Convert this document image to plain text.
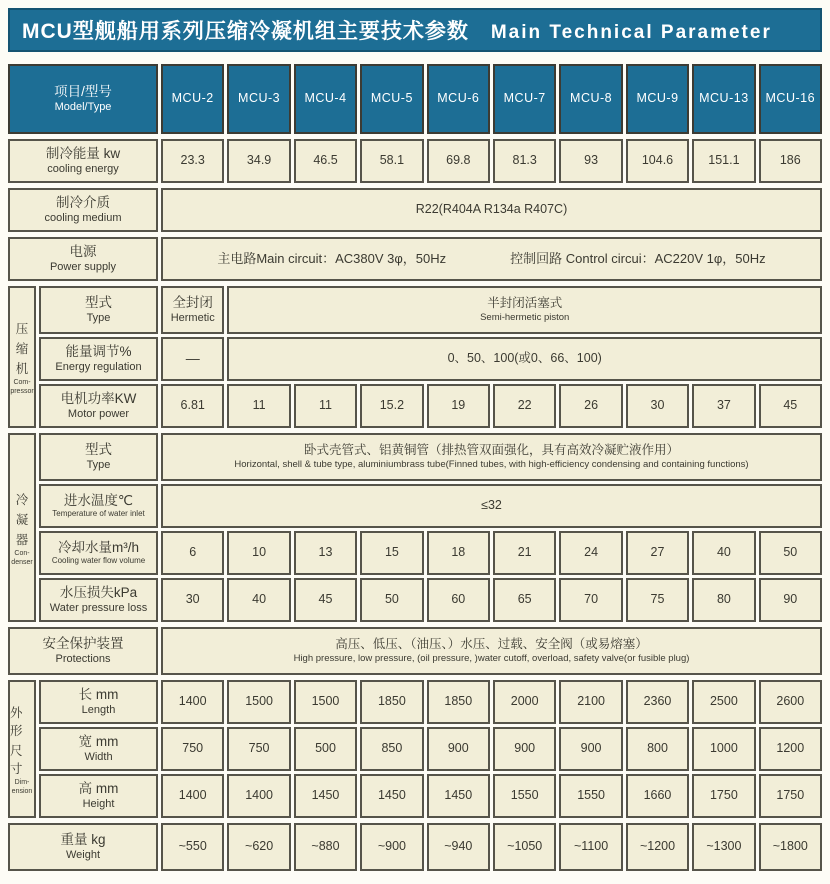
MCU型舰船用系列压缩冷凝机组主要技术参数 Main Technical Parameter
项目/型号
Model/Type
MCU-2	MCU-3	MCU-4	MCU-5	MCU-6	MCU-7	MCU-8	MCU-9	MCU-13	MCU-16
制冷能量 kw
cooling energy
23.3	34.9	46.5	58.1	69.8	81.3	93	104.6	151.1	186
制冷介质
cooling medium
R22(R404A R134a R407C)
电源
Power supply
主电路Main circuit：AC380V 3φ，50Hz	控制回路 Control circui：AC220V 1φ，50Hz
压
缩
机
Com-
pressor
型式
Type
全封闭
Hermetic
半封闭活塞式
Semi-hermetic piston
能量调节%
Energy regulation
—	0、50、100(或0、66、100)
电机功率KW
Motor power
6.81	11	11	15.2	19	22	26	30	37	45
冷
凝
器
Con-
denser
型式
Type
卧式壳管式、铝黄铜管（排热管双面强化，具有高效冷凝贮液作用）
Horizontal, shell & tube type, aluminiumbrass tube(Finned tubes, with high-efficiency condensing and containing functions)
进水温度℃
Temperature of water inlet
≤32
冷却水量m³/h
Cooling water flow volume
6	10	13	15	18	21	24	27	40	50
水压损失kPa
Water pressure loss
30	40	45	50	60	65	70	75	80	90
安全保护装置
Protections
高压、低压、（油压、）水压、过载、安全阀（或易熔塞）
High pressure, low pressure, (oil pressure, )water cutoff, overload, safety valve(or fusible plug)
外形
尺寸
Dim-
ension
长 mm
Length
1400	1500	1500	1850	1850	2000	2100	2360	2500	2600
宽 mm
Width
750	750	500	850	900	900	900	800	1000	1200
高 mm
Height
1400	1400	1450	1450	1450	1550	1550	1660	1750	1750
重量 kg
Weight
~550	~620	~880	~900	~940	~1050	~1100	~1200	~1300	~1800
